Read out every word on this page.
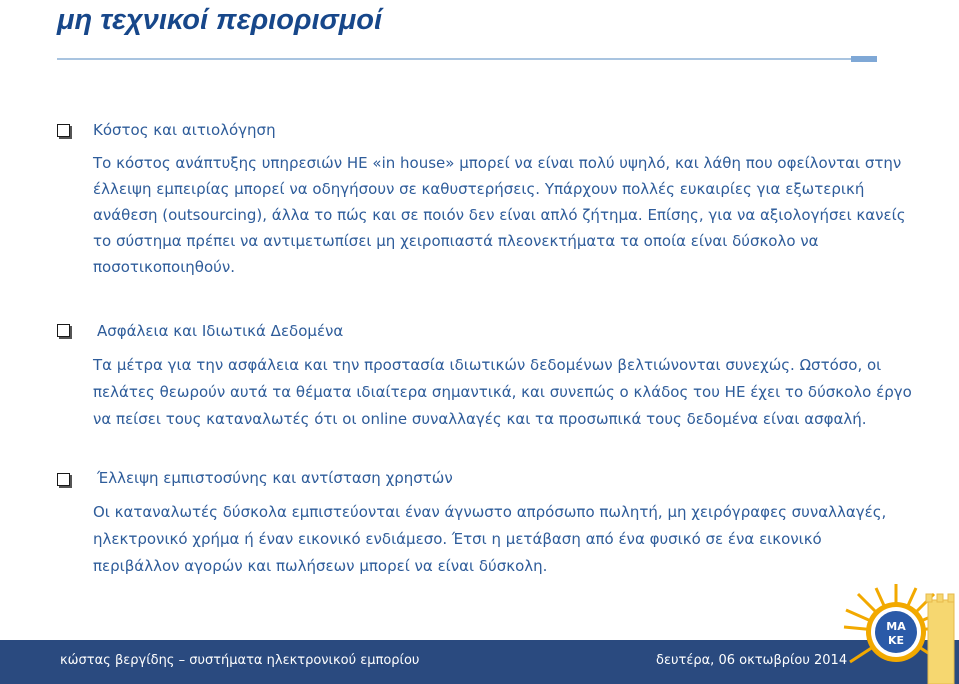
μη τεχνικοί περιορισμοί
Κόστος και αιτιολόγηση

Το κόστος ανάπτυξης υπηρεσιών ΗΕ «in house» μπορεί να είναι πολύ υψηλό, και λάθη που οφείλονται στην έλλειψη εμπειρίας μπορεί να οδηγήσουν σε καθυστερήσεις. Υπάρχουν πολλές ευκαιρίες για εξωτερική ανάθεση (outsourcing), άλλα το πώς και σε ποιόν δεν είναι απλό ζήτημα. Επίσης, για να αξιολογήσει κανείς το σύστημα πρέπει να αντιμετωπίσει μη χειροπιαστά πλεονεκτήματα τα οποία είναι δύσκολο να ποσοτικοποιηθούν.

Ασφάλεια και Ιδιωτικά Δεδομένα

Τα μέτρα για την ασφάλεια και την προστασία ιδιωτικών δεδομένων βελτιώνονται συνεχώς. Ωστόσο, οι πελάτες θεωρούν αυτά τα θέματα ιδιαίτερα σημαντικά, και συνεπώς ο κλάδος του ΗΕ έχει το δύσκολο έργο να πείσει τους καταναλωτές ότι οι online συναλλαγές και τα προσωπικά τους δεδομένα είναι ασφαλή.

Έλλειψη εμπιστοσύνης και αντίσταση χρηστών

Οι καταναλωτές δύσκολα εμπιστεύονται έναν άγνωστο απρόσωπο πωλητή, μη χειρόγραφες συναλλαγές, ηλεκτρονικό χρήμα ή έναν εικονικό ενδιάμεσο. Έτσι η μετάβαση από ένα φυσικό σε ένα εικονικό περιβάλλον αγορών και πωλήσεων μπορεί να είναι δύσκολη.

κώστας βεργίδης – συστήματα ηλεκτρονικού εμπορίου	δευτέρα, 06 οκτωβρίου 2014
ΜΑ
ΚΕ
